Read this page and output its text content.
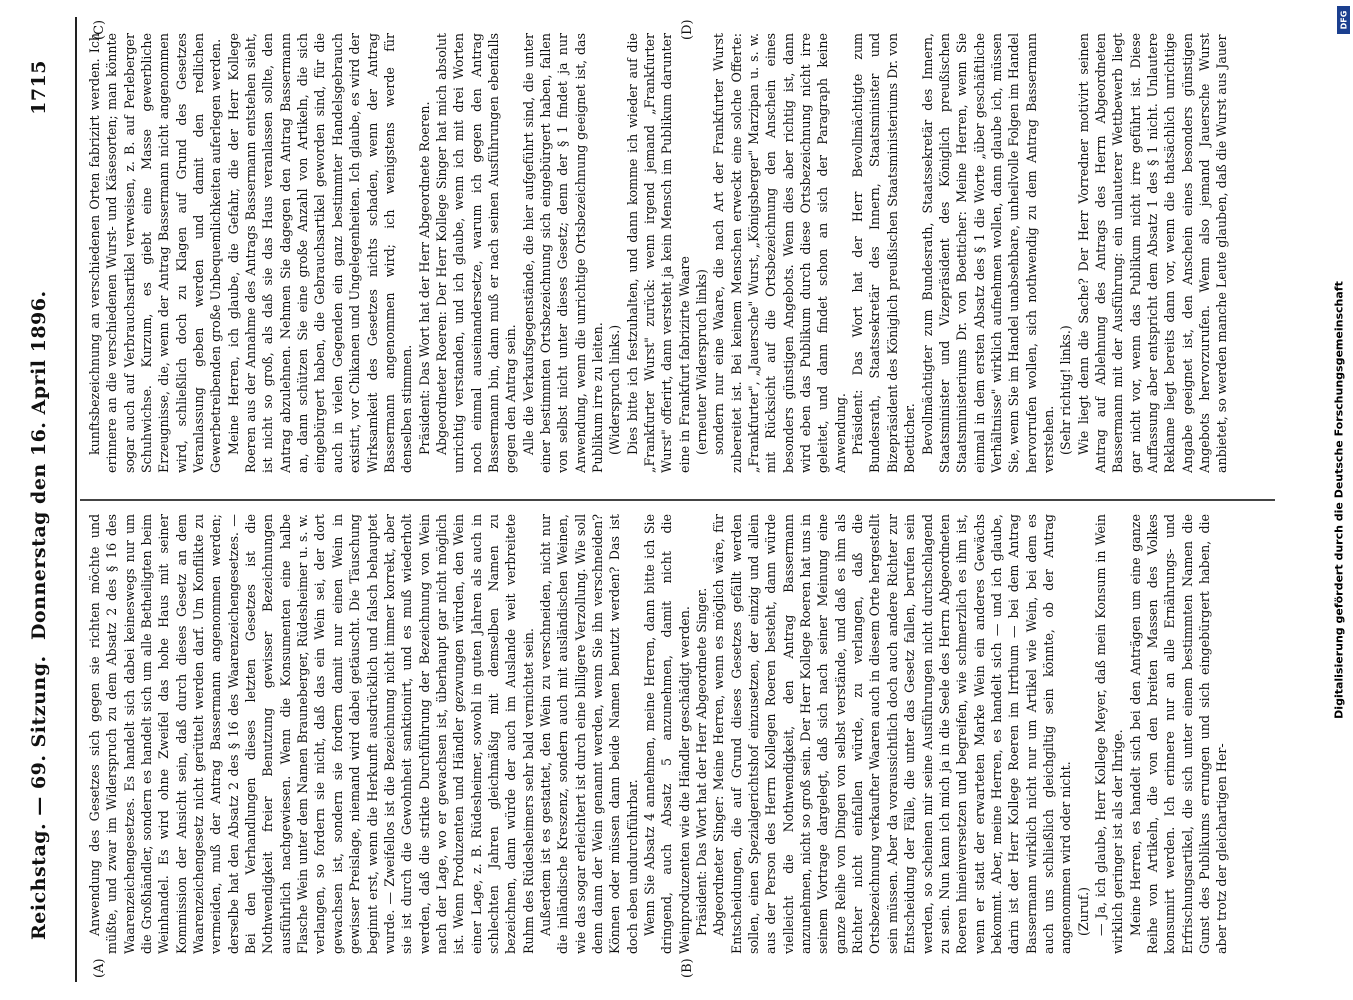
Reichstag. — 69. Sitzung.
Donnerstag den 16. April 1896.
1715
(A)	(B)
(C)	(D)

Anwendung des Gesetzes sich gegen sie richten möchte und müßte, und zwar im Widerspruch zu dem Absatz 2 des § 16 des Waarenzeichengesetzes. Es handelt sich dabei keineswegs nur um die Großhändler, sondern es handelt sich um alle Betheiligten beim Weinhandel. Es wird ohne Zweifel das hohe Haus mit seiner Kommission der Ansicht sein, daß durch dieses Gesetz an dem Waarenzeichengesetz nicht gerüttelt werden darf. Um Konflikte zu vermeiden, muß der Antrag Bassermann angenommen werden; derselbe hat den Absatz 2 des § 16 des Waarenzeichengesetzes. — Bei den Verhandlungen dieses letzten Gesetzes ist die Nothwendigkeit freier Benutzung gewisser Bezeichnungen ausführlich nachgewiesen. Wenn die Konsumenten eine halbe Flasche Wein unter dem Namen Brauneberger, Rüdesheimer u. s. w. verlangen, so fordern sie nicht, daß das ein Wein sei, der dort gewachsen ist, sondern sie fordern damit nur einen Wein in gewisser Preislage, niemand wird dabei getäuscht. Die Täuschung beginnt erst, wenn die Herkunft ausdrücklich und falsch behauptet wurde. — Zweifellos ist die Bezeichnung nicht immer korrekt, aber sie ist durch die Gewohnheit sanktionirt, und es muß wiederholt werden, daß die strikte Durchführung der Bezeichnung von Wein nach der Lage, wo er gewachsen ist, überhaupt gar nicht möglich ist. Wenn Produzenten und Händler gezwungen würden, den Wein einer Lage, z. B. Rüdesheimer, sowohl in guten Jahren als auch in schlechten Jahren gleichmäßig mit demselben Namen zu bezeichnen, dann würde der auch im Auslande weit verbreitete Ruhm des Rüdesheimers sehr bald vernichtet sein. Außerdem ist es gestattet, den Wein zu verschneiden, nicht nur die inländische Kreszenz, sondern auch mit ausländischen Weinen, wie das sogar erleichtert ist durch eine billigere Verzollung. Wie soll denn dann der Wein genannt werden, wenn Sie ihn verschneiden? Können oder müssen dann beide Namen benutzt werden? Das ist doch eben undurchführbar. Wenn Sie Absatz 4 annehmen, meine Herren, dann bitte ich Sie dringend, auch Absatz 5 anzunehmen, damit nicht die Weinproduzenten wie die Händler geschädigt werden. Präsident: Das Wort hat der Herr Abgeordnete Singer. Abgeordneter Singer: Meine Herren, wenn es möglich wäre, für Entscheidungen, die auf Grund dieses Gesetzes gefällt werden sollen, einen Spezialgerichtshof einzusetzen, der einzig und allein aus der Person des Herrn Kollegen Roeren besteht, dann würde vielleicht die Nothwendigkeit, den Antrag Bassermann anzunehmen, nicht so groß sein. Der Herr Kollege Roeren hat uns in seinem Vortrage dargelegt, daß sich nach seiner Meinung eine ganze Reihe von Dingen von selbst verstände, und daß es ihm als Richter nicht einfallen würde, zu verlangen, daß die Ortsbezeichnung verkaufter Waaren auch in diesem Orte hergestellt sein müssen. Aber da voraussichtlich doch auch andere Richter zur Entscheidung der Fälle, die unter das Gesetz fallen, berufen sein werden, so scheinen mir seine Ausführungen nicht durchschlagend zu sein. Nun kann ich mich ja in die Seele des Herrn Abgeordneten Roeren hineinversetzen und begreifen, wie schmerzlich es ihm ist, wenn er statt der erwarteten Marke Wein ein anderes Gewächs bekommt. Aber, meine Herren, es handelt sich — und ich glaube, darin ist der Herr Kollege Roeren im Irrthum — bei dem Antrag Bassermann wirklich nicht nur um Artikel wie Wein, bei dem es auch uns schließlich gleichgiltig sein könnte, ob der Antrag angenommen wird oder nicht. (Zuruf.) — Ja, ich glaube, Herr Kollege Meyer, daß mein Konsum in Wein wirklich geringer ist als der Ihrige. Meine Herren, es handelt sich bei den Anträgen um eine ganze Reihe von Artikeln, die von den breiten Massen des Volkes konsumirt werden. Ich erinnere nur an alle Ernährungs- und Erfrischungsartikel, die sich unter einem bestimmten Namen die Gunst des Publikums errungen und sich eingebürgert haben, die aber trotz der gleichartigen Her-

kunftsbezeichnung an verschiedenen Orten fabrizirt werden. Ich erinnere an die verschiedenen Wurst- und Käsesorten; man könnte sogar auch auf Verbrauchsartikel verweisen, z. B. auf Perleberger Schuhwichse. Kurzum, es giebt eine Masse gewerbliche Erzeugnisse, die, wenn der Antrag Bassermann nicht angenommen wird, schließlich doch zu Klagen auf Grund des Gesetzes Veranlassung geben werden und damit den redlichen Gewerbetreibenden große Unbequemlichkeiten auferlegen werden. Meine Herren, ich glaube, die Gefahr, die der Herr Kollege Roeren aus der Annahme des Antrags Bassermann entstehen sieht, ist nicht so groß, als daß sie das Haus veranlassen sollte, den Antrag abzulehnen. Nehmen Sie dagegen den Antrag Bassermann an, dann schützen Sie eine große Anzahl von Artikeln, die sich eingebürgert haben, die Gebrauchsartikel geworden sind, für die auch in vielen Gegenden ein ganz bestimmter Handelsgebrauch existirt, vor Chikanen und Ungelegenheiten. Ich glaube, es wird der Wirksamkeit des Gesetzes nichts schaden, wenn der Antrag Bassermann angenommen wird; ich wenigstens werde für denselben stimmen. Präsident: Das Wort hat der Herr Abgeordnete Roeren. Abgeordneter Roeren: Der Herr Kollege Singer hat mich absolut unrichtig verstanden, und ich glaube, wenn ich mit drei Worten noch einmal auseinandersetze, warum ich gegen den Antrag Bassermann bin, dann muß er nach seinen Ausführungen ebenfalls gegen den Antrag sein. Alle die Verkaufsgegenstände, die hier aufgeführt sind, die unter einer bestimmten Ortsbezeichnung sich eingebürgert haben, fallen von selbst nicht unter dieses Gesetz; denn der § 1 findet ja nur Anwendung, wenn die unrichtige Ortsbezeichnung geeignet ist, das Publikum irre zu leiten. (Widerspruch links.) Dies bitte ich festzuhalten, und dann komme ich wieder auf die „Frankfurter Wurst" zurück: wenn irgend jemand „Frankfurter Wurst" offerirt, dann versteht ja kein Mensch im Publikum darunter eine in Frankfurt fabrizirte Waare (erneuter Widerspruch links) sondern nur eine Waare, die nach Art der Frankfurter Wurst zubereitet ist. Bei keinem Menschen erweckt eine solche Offerte: „Frankfurter", „Jauersche" Wurst, „Königsberger" Marzipan u. s. w. mit Rücksicht auf die Ortsbezeichnung den Anschein eines besonders günstigen Angebots. Wenn dies aber richtig ist, dann wird eben das Publikum durch diese Ortsbezeichnung nicht irre geleitet, und dann findet schon an sich der Paragraph keine Anwendung. Präsident: Das Wort hat der Herr Bevollmächtigte zum Bundesrath, Staatssekretär des Innern, Staatsminister und Bizepräsident des Königlich preußischen Staatsministeriums Dr. von Boetticher. Bevollmächtigter zum Bundesrath, Staatssekretär des Innern, Staatsminister und Vizepräsident des Königlich preußischen Staatsministeriums Dr. von Boetticher: Meine Herren, wenn Sie einmal in dem ersten Absatz des § 1 die Worte „über geschäftliche Verhältnisse" wirklich aufnehmen wollen, dann glaube ich, müssen Sie, wenn Sie im Handel unabsehbare, unheilvolle Folgen im Handel hervorrufen wollen, sich nothwendig zu dem Antrag Bassermann verstehen. (Sehr richtig! links.) Wie liegt denn die Sache? Der Herr Vorredner motivirt seinen Antrag auf Ablehnung des Antrags des Herrn Abgeordneten Bassermann mit der Ausführung: ein unlauterer Wettbewerb liegt gar nicht vor, wenn das Publikum nicht irre geführt ist. Diese Auffassung aber entspricht dem Absatz 1 des § 1 nicht. Unlautere Reklame liegt bereits dann vor, wenn die thatsächlich unrichtige Angabe geeignet ist, den Anschein eines besonders günstigen Angebots hervorzurufen. Wenn also jemand Jauersche Wurst anbietet, so werden manche Leute glauben, daß die Wurst aus Jauer

Digitalisierung gefördert durch die Deutsche Forschungsgemeinschaft
DFG
